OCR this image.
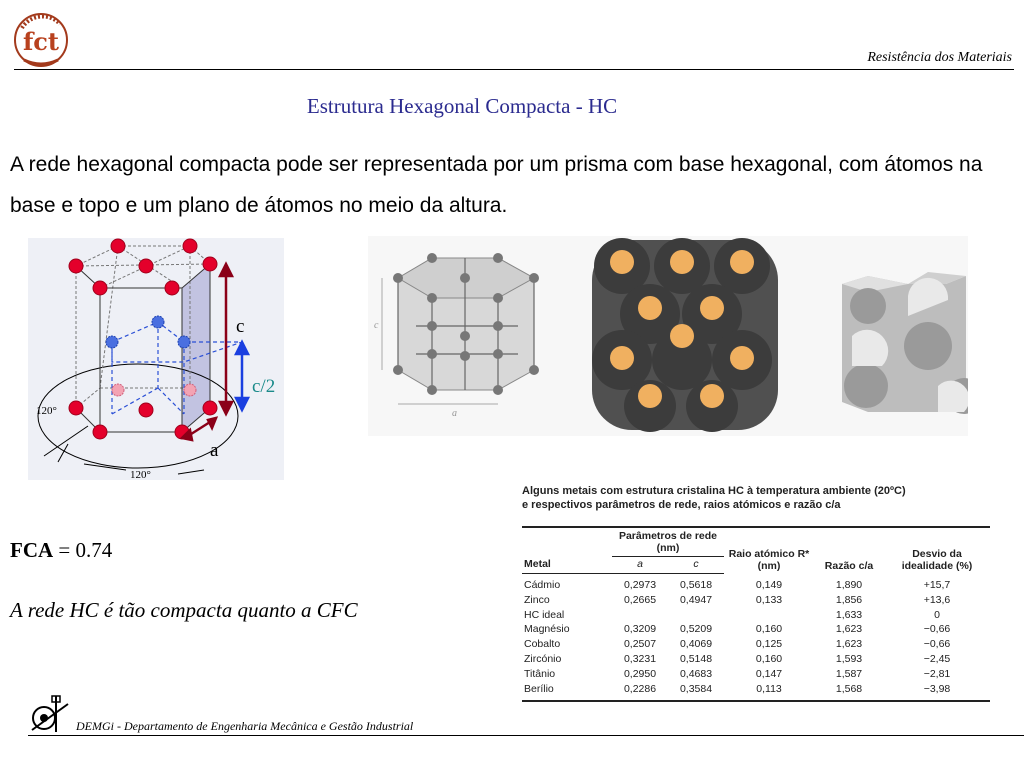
fct
Resistência dos Materiais
Estrutura Hexagonal Compacta - HC
A rede hexagonal compacta pode ser representada por um prisma com base hexagonal, com átomos na base e topo e um plano de átomos no meio da altura.
c
c/2
a
120°
120°
c
a
FCA = 0.74
A rede HC é tão compacta quanto a CFC
Alguns metais com estrutura cristalina HC à temperatura ambiente (20ºC)
e respectivos parâmetros de rede, raios atómicos e razão c/a
	Parâmetros de rede (nm)		Raio atómico R* (nm)	Razão c/a	Desvio da idealidade (%)
Metal	a	c			
Cádmio	0,2973	0,5618	0,149	1,890	+15,7
Zinco	0,2665	0,4947	0,133	1,856	+13,6
HC ideal				1,633	0
Magnésio	0,3209	0,5209	0,160	1,623	−0,66
Cobalto	0,2507	0,4069	0,125	1,623	−0,66
Zircónio	0,3231	0,5148	0,160	1,593	−2,45
Titânio	0,2950	0,4683	0,147	1,587	−2,81
Berílio	0,2286	0,3584	0,113	1,568	−3,98
DEMGi - Departamento de Engenharia Mecânica e Gestão Industrial
